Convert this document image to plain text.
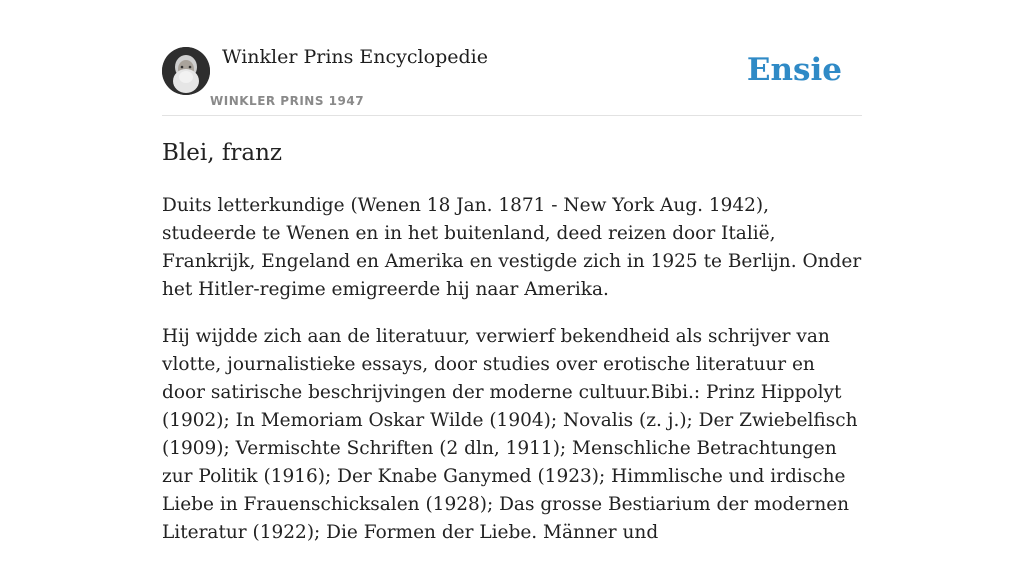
Winkler Prins Encyclopedie
WINKLER PRINS 1947
Ensie
Blei, franz

Duits letterkundige (Wenen 18 Jan. 1871 - New York Aug. 1942), studeerde te Wenen en in het buitenland, deed reizen door Italië, Frankrijk, Engeland en Amerika en vestigde zich in 1925 te Berlijn. Onder het Hitler-regime emigreerde hij naar Amerika.

Hij wijdde zich aan de literatuur, verwierf bekendheid als schrijver van vlotte, journalistieke essays, door studies over erotische literatuur en door satirische beschrijvingen der moderne cultuur.Bibi.: Prinz Hippolyt (1902); In Memoriam Oskar Wilde (1904); Novalis (z. j.); Der Zwiebelfisch (1909); Vermischte Schriften (2 dln, 1911); Menschliche Betrachtungen zur Politik (1916); Der Knabe Ganymed (1923); Himmlische und irdische Liebe in Frauenschicksalen (1928); Das grosse Bestiarium der modernen Literatur (1922); Die Formen der Liebe. Männer und
